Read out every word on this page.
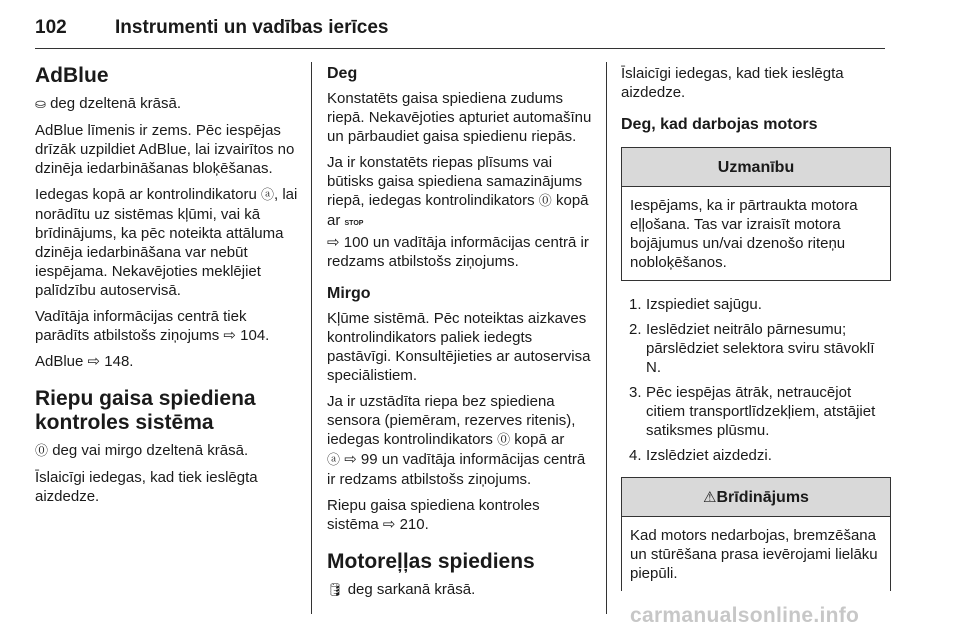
102	Instrumenti un vadības ierīces
AdBlue

⛀ deg dzeltenā krāsā.

AdBlue līmenis ir zems. Pēc iespējas drīzāk uzpildiet AdBlue, lai izvairītos no dzinēja iedarbināšanas bloķēšanas.

Iedegas kopā ar kontrolindikatoru ⓐ, lai norādītu uz sistēmas kļūmi, vai kā brīdinājums, ka pēc noteikta attāluma dzinēja iedarbināšana var nebūt iespējama. Nekavējoties meklējiet palīdzību autoservisā.

Vadītāja informācijas centrā tiek parādīts atbilstošs ziņojums ⇨ 104.

AdBlue ⇨ 148.

Riepu gaisa spiediena kontroles sistēma

⓪ deg vai mirgo dzeltenā krāsā.

Īslaicīgi iedegas, kad tiek ieslēgta aizdedze.

Deg

Konstatēts gaisa spiediena zudums riepā. Nekavējoties apturiet automašīnu un pārbaudiet gaisa spiedienu riepās.

Ja ir konstatēts riepas plīsums vai būtisks gaisa spiediena samazinājums riepā, iedegas kontrolindikators ⓪ kopā ar STOP
⇨ 100 un vadītāja informācijas centrā ir redzams atbilstošs ziņojums.

Mirgo

Kļūme sistēmā. Pēc noteiktas aizkaves kontrolindikators paliek iedegts pastāvīgi. Konsultējieties ar autoservisa speciālistiem.

Ja ir uzstādīta riepa bez spiediena sensora (piemēram, rezerves ritenis), iedegas kontrolindikators ⓪ kopā ar
ⓐ ⇨ 99 un vadītāja informācijas centrā ir redzams atbilstošs ziņojums.

Riepu gaisa spiediena kontroles sistēma ⇨ 210.

Motoreļļas spiediens

🛢 deg sarkanā krāsā.

Īslaicīgi iedegas, kad tiek ieslēgta aizdedze.

Deg, kad darbojas motors
Uzmanību
Iespējams, ka ir pārtraukta motora eļļošana. Tas var izraisīt motora bojājumus un/vai dzenošo riteņu nobloķēšanos.
1. Izspiediet sajūgu.
2. Ieslēdziet neitrālo pārnesumu; pārslēdziet selektora sviru stāvoklī N.
3. Pēc iespējas ātrāk, netraucējot citiem transportlīdzekļiem, atstājiet satiksmes plūsmu.
4. Izslēdziet aizdedzi.
⚠Brīdinājums
Kad motors nedarbojas, bremzēšana un stūrēšana prasa ievērojami lielāku piepūli.
carmanualsonline.info
